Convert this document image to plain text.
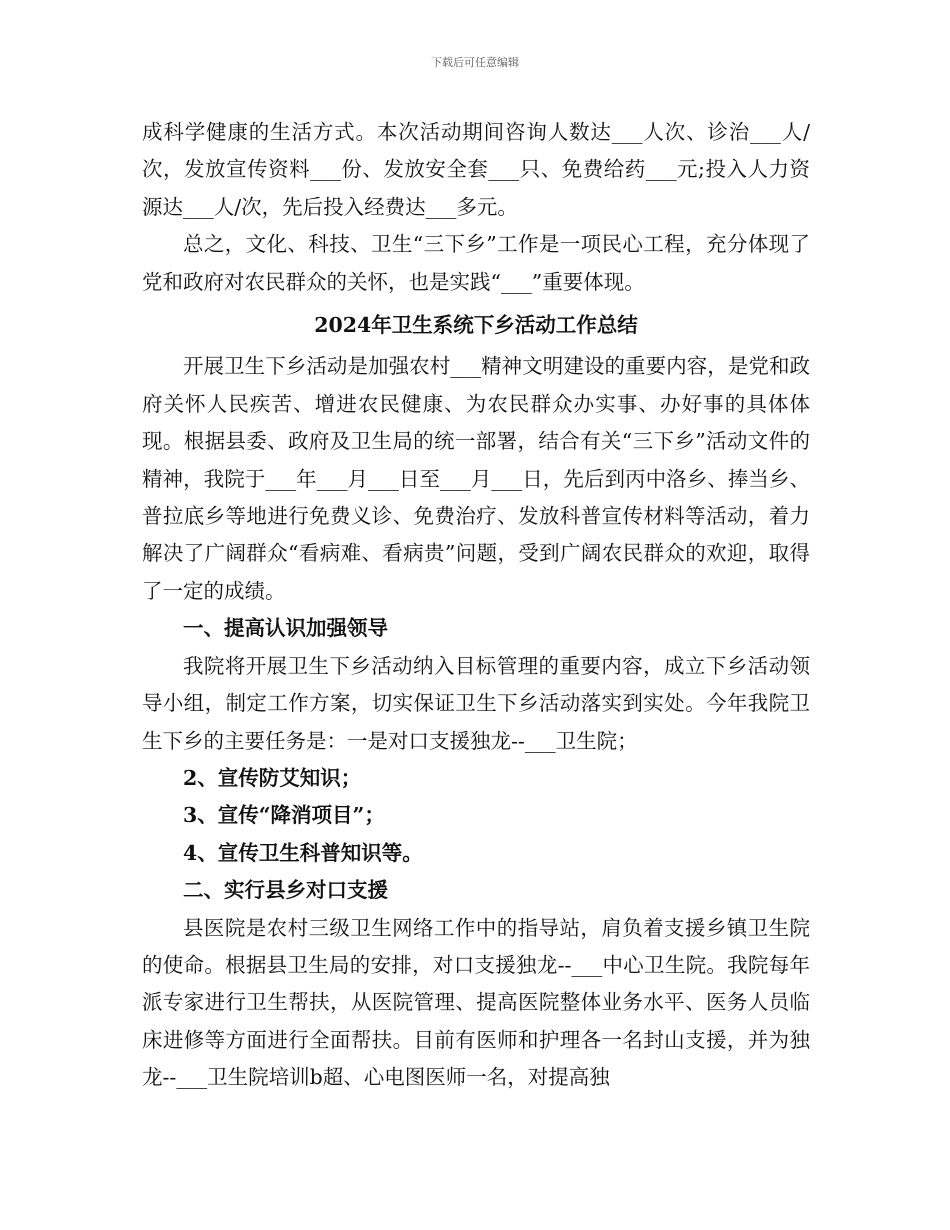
下载后可任意编辑

成科学健康的生活方式。本次活动期间咨询人数达___人次、诊治___人/次，发放宣传资料___份、发放安全套___只、免费给药___元;投入人力资源达___人/次，先后投入经费达___多元。

总之，文化、科技、卫生“三下乡”工作是一项民心工程，充分体现了党和政府对农民群众的关怀，也是实践“___”重要体现。

2024年卫生系统下乡活动工作总结

开展卫生下乡活动是加强农村___精神文明建设的重要内容，是党和政府关怀人民疾苦、增进农民健康、为农民群众办实事、办好事的具体体现。根据县委、政府及卫生局的统一部署，结合有关“三下乡”活动文件的精神，我院于___年___月___日至___月___日，先后到丙中洛乡、捧当乡、普拉底乡等地进行免费义诊、免费治疗、发放科普宣传材料等活动，着力解决了广阔群众“看病难、看病贵”问题，受到广阔农民群众的欢迎，取得了一定的成绩。

一、提高认识加强领导

我院将开展卫生下乡活动纳入目标管理的重要内容，成立下乡活动领导小组，制定工作方案，切实保证卫生下乡活动落实到实处。今年我院卫生下乡的主要任务是：一是对口支援独龙--___卫生院；

2、宣传防艾知识；

3、宣传“降消项目”；

4、宣传卫生科普知识等。

二、实行县乡对口支援

县医院是农村三级卫生网络工作中的指导站，肩负着支援乡镇卫生院的使命。根据县卫生局的安排，对口支援独龙--___中心卫生院。我院每年派专家进行卫生帮扶，从医院管理、提高医院整体业务水平、医务人员临床进修等方面进行全面帮扶。目前有医师和护理各一名封山支援，并为独龙--___卫生院培训b超、心电图医师一名，对提高独
